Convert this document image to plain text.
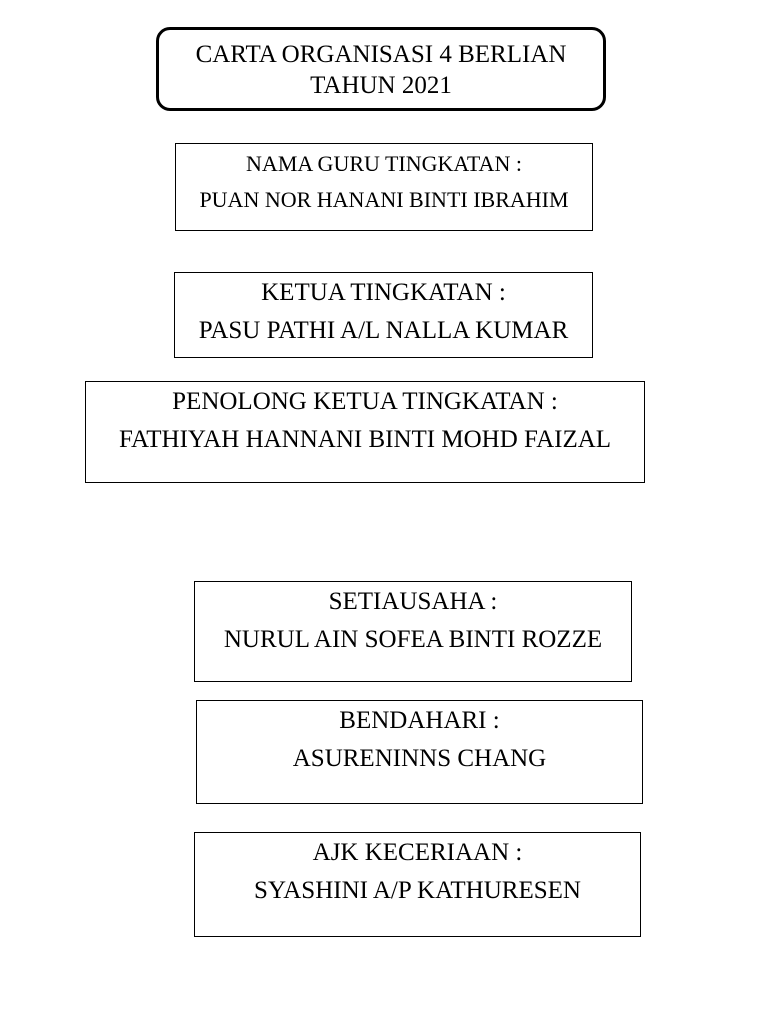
CARTA ORGANISASI 4 BERLIAN
TAHUN 2021
NAMA GURU TINGKATAN :
PUAN NOR HANANI BINTI IBRAHIM
KETUA TINGKATAN :
PASU PATHI A/L NALLA KUMAR
PENOLONG KETUA TINGKATAN :
FATHIYAH HANNANI BINTI MOHD FAIZAL
SETIAUSAHA :
NURUL AIN SOFEA BINTI ROZZE
BENDAHARI :
ASURENINNS CHANG
AJK KECERIAAN :
SYASHINI A/P KATHURESEN
